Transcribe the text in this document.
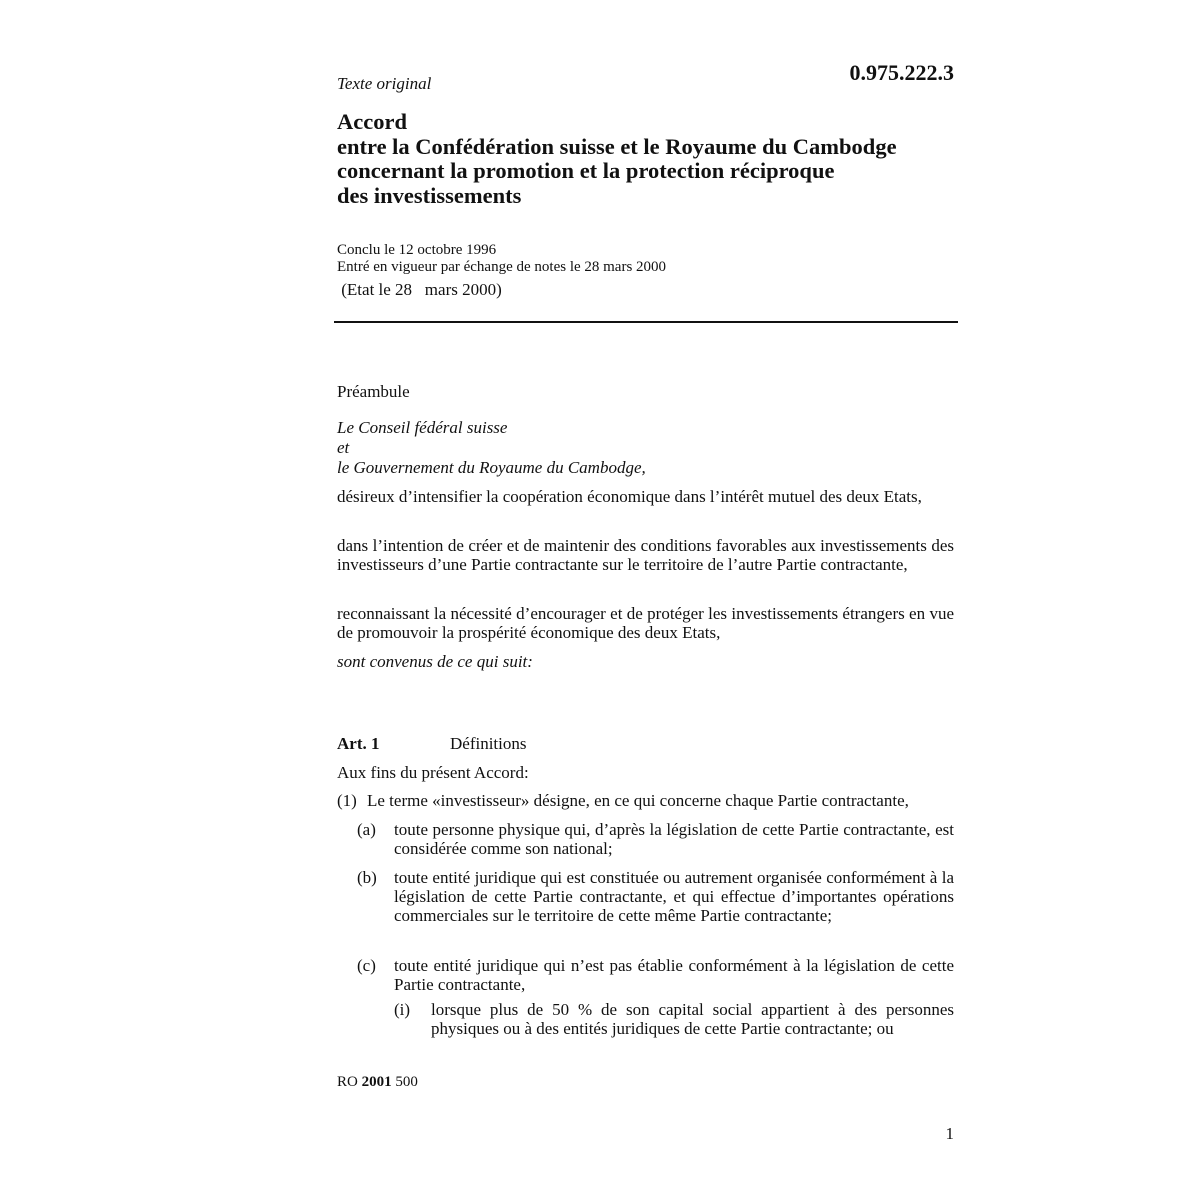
Texte original	0.975.222.3
Accord
entre la Confédération suisse et le Royaume du Cambodge
concernant la promotion et la protection réciproque
des investissements
Conclu le 12 octobre 1996
Entré en vigueur par échange de notes le 28 mars 2000
(Etat le 28   mars 2000)
Préambule
Le Conseil fédéral suisse
et
le Gouvernement du Royaume du Cambodge,
désireux d’intensifier la coopération économique dans l’intérêt mutuel des deux Etats,
dans l’intention de créer et de maintenir des conditions favorables aux investissements des investisseurs d’une Partie contractante sur le territoire de l’autre Partie contractante,
reconnaissant la nécessité d’encourager et de protéger les investissements étrangers en vue de promouvoir la prospérité économique des deux Etats,
sont convenus de ce qui suit:
Art. 1	Définitions
Aux fins du présent Accord:
(1) Le terme «investisseur» désigne, en ce qui concerne chaque Partie contractante,
(a) toute personne physique qui, d’après la législation de cette Partie contractante, est considérée comme son national;
(b) toute entité juridique qui est constituée ou autrement organisée conformément à la législation de cette Partie contractante, et qui effectue d’importantes opérations commerciales sur le territoire de cette même Partie contractante;
(c) toute entité juridique qui n’est pas établie conformément à la législation de cette Partie contractante,
(i) lorsque plus de 50 % de son capital social appartient à des personnes physiques ou à des entités juridiques de cette Partie contractante; ou
RO 2001 500
1
